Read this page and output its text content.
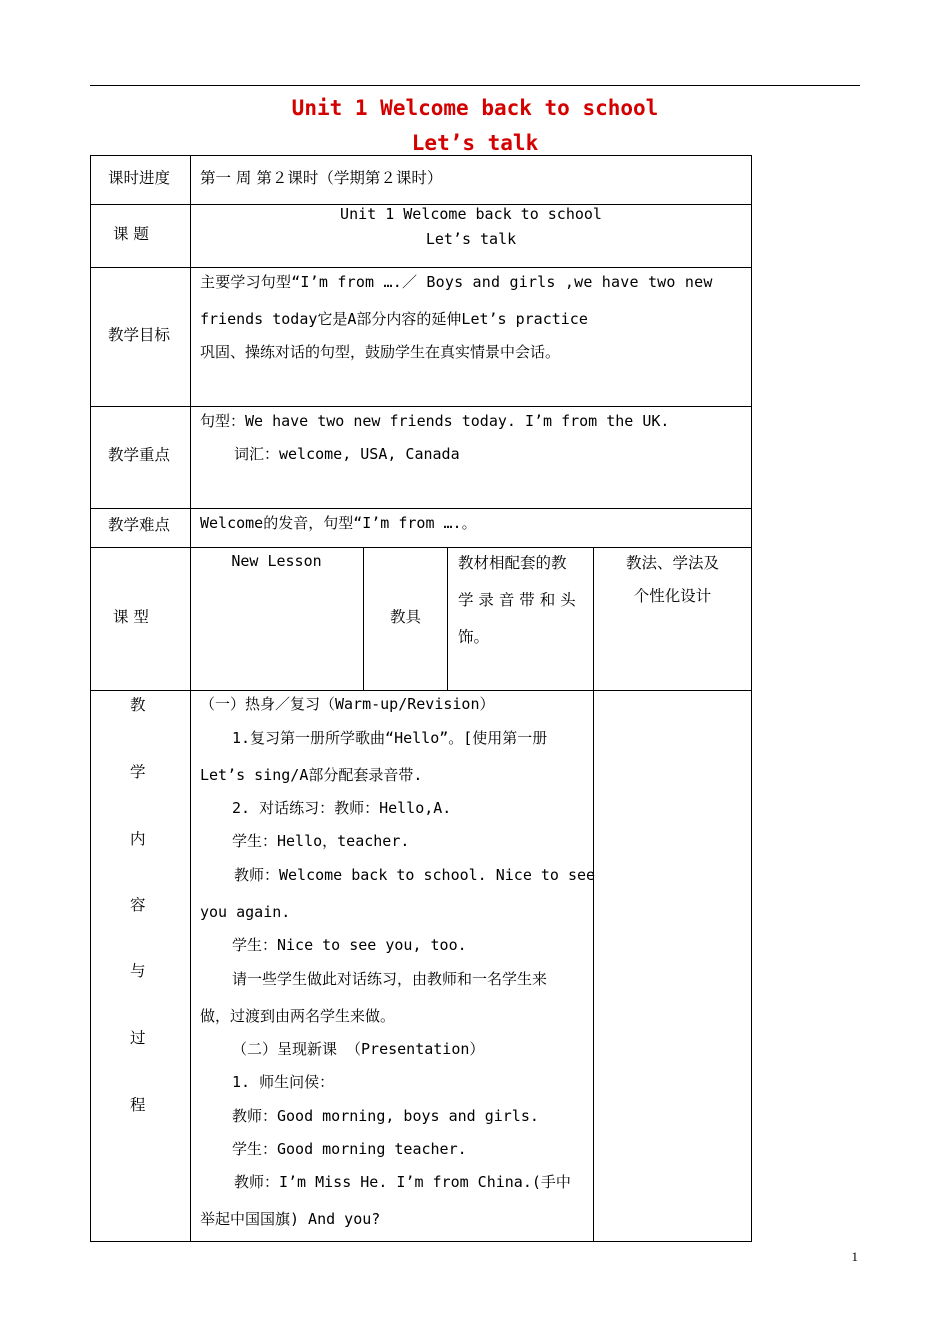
Unit 1 Welcome back to school
Let’s talk
课时进度 第一 周 第２课时（学期第２课时）
课 题
Unit 1 Welcome back to school
Let’s talk
教学目标
主要学习句型“I’m from ….／ Boys and girls ,we have two new
friends today它是A部分内容的延伸Let’s practice
巩固、操练对话的句型，鼓励学生在真实情景中会话。
教学重点
句型：We have two new friends today. I’m from the UK.
词汇：welcome, USA, Canada
教学难点 Welcome的发音，句型“I’m from ….。
课 型
New Lesson
教具
教材相配套的教
学 录 音 带 和 头
饰。
教法、学法及
个性化设计
教
学
内
容
与
过
程
（一）热身／复习（Warm-up/Revision）
1.复习第一册所学歌曲“Hello”。[使用第一册
Let’s sing/A部分配套录音带.
2. 对话练习：教师：Hello,A.
学生：Hello，teacher.
教师：Welcome back to school. Nice to see
you again.
学生：Nice to see you, too.
请一些学生做此对话练习，由教师和一名学生来
做，过渡到由两名学生来做。
（二）呈现新课 （Presentation）
1. 师生问侯：
教师：Good morning, boys and girls.
学生：Good morning teacher.
教师：I’m Miss He. I’m from China.(手中
举起中国国旗) And you?
1
